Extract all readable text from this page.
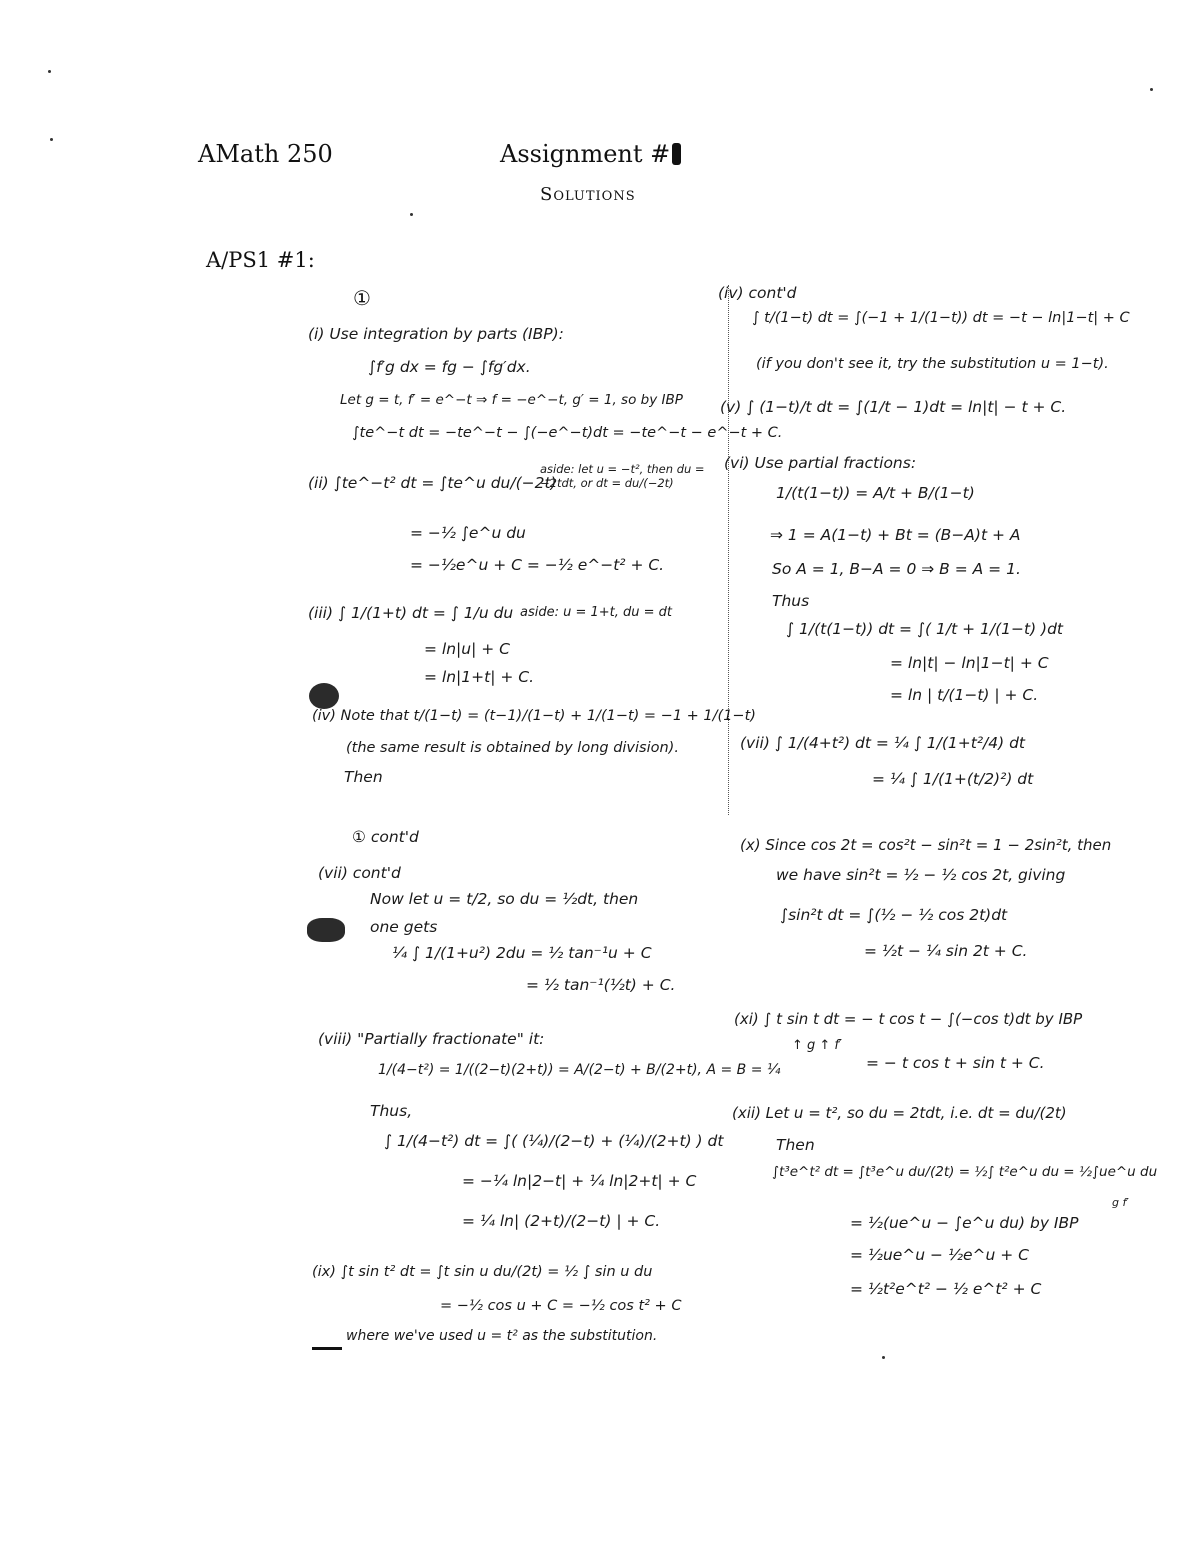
AMath 250	Assignment #
Solutions
A/PS1 #1:
①
(i) Use integration by parts (IBP):
∫f′g dx = fg − ∫fg′dx.
Let g = t, f′ = e^−t ⇒ f = −e^−t, g′ = 1, so by IBP
∫te^−t dt = −te^−t − ∫(−e^−t)dt = −te^−t − e^−t + C.
(ii) ∫te^−t² dt = ∫te^u du/(−2t)
aside: let u = −t², then du = −2tdt, or dt = du/(−2t)
= −½ ∫e^u du
= −½e^u + C = −½ e^−t² + C.
(iii) ∫ 1/(1+t) dt = ∫ 1/u du aside: u = 1+t, du = dt
= ln|u| + C
= ln|1+t| + C.
(iv) Note that t/(1−t) = (t−1)/(1−t) + 1/(1−t) = −1 + 1/(1−t)
(the same result is obtained by long division).
Then
① cont'd
(vii) cont'd
Now let u = t/2, so du = ½dt, then
one gets
¼ ∫ 1/(1+u²) 2du = ½ tan⁻¹u + C
= ½ tan⁻¹(½t) + C.
(viii) "Partially fractionate" it:
1/(4−t²) = 1/((2−t)(2+t)) = A/(2−t) + B/(2+t), A = B = ¼
Thus,
∫ 1/(4−t²) dt = ∫( (¼)/(2−t) + (¼)/(2+t) ) dt
= −¼ ln|2−t| + ¼ ln|2+t| + C
= ¼ ln| (2+t)/(2−t) | + C.
(ix) ∫t sin t² dt = ∫t sin u du/(2t) = ½ ∫ sin u du
= −½ cos u + C = −½ cos t² + C
where we've used u = t² as the substitution.
(iv) cont'd
∫ t/(1−t) dt = ∫(−1 + 1/(1−t)) dt = −t − ln|1−t| + C
(if you don't see it, try the substitution u = 1−t).
(v) ∫ (1−t)/t dt = ∫(1/t − 1)dt = ln|t| − t + C.
(vi) Use partial fractions:
1/(t(1−t)) = A/t + B/(1−t)
⇒ 1 = A(1−t) + Bt = (B−A)t + A
So A = 1, B−A = 0 ⇒ B = A = 1.
Thus
∫ 1/(t(1−t)) dt = ∫( 1/t + 1/(1−t) )dt
= ln|t| − ln|1−t| + C
= ln | t/(1−t) | + C.
(vii) ∫ 1/(4+t²) dt = ¼ ∫ 1/(1+t²/4) dt
= ¼ ∫ 1/(1+(t/2)²) dt
(x) Since cos 2t = cos²t − sin²t = 1 − 2sin²t, then
we have sin²t = ½ − ½ cos 2t, giving
∫sin²t dt = ∫(½ − ½ cos 2t)dt
= ½t − ¼ sin 2t + C.
(xi) ∫ t sin t dt = − t cos t − ∫(−cos t)dt by IBP
↑ g ↑ f′
= − t cos t + sin t + C.
(xii) Let u = t², so du = 2tdt, i.e. dt = du/(2t)
Then
∫t³e^t² dt = ∫t³e^u du/(2t) = ½∫ t²e^u du = ½∫ue^u du
g f′
= ½(ue^u − ∫e^u du) by IBP
= ½ue^u − ½e^u + C
= ½t²e^t² − ½ e^t² + C
